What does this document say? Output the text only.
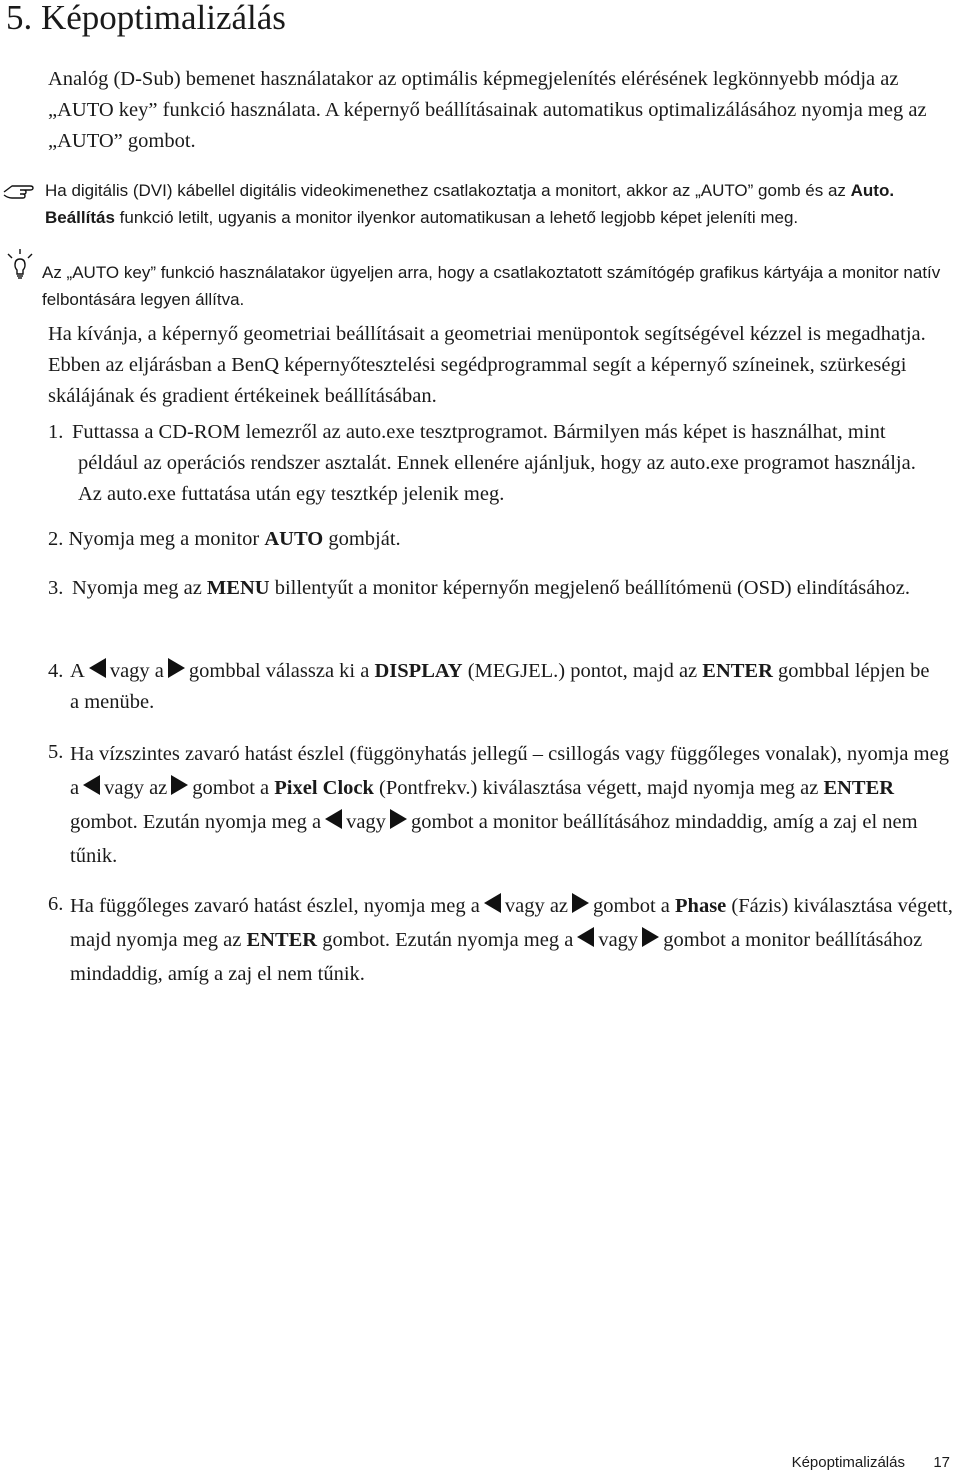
5. Képoptimalizálás
Analóg (D-Sub) bemenet használatakor az optimális képmegjelenítés elérésének legkönnyebb módja az „AUTO key” funkció használata. A képernyő beállításainak automatikus optimalizálásához nyomja meg az „AUTO” gombot.
Ha digitális (DVI) kábellel digitális videokimenethez csatlakoztatja a monitort, akkor az „AUTO” gomb és az Auto. Beállítás funkció letilt, ugyanis a monitor ilyenkor automatikusan a lehető legjobb képet jeleníti meg.
Az „AUTO key” funkció használatakor ügyeljen arra, hogy a csatlakoztatott számítógép grafikus kártyája a monitor natív felbontására legyen állítva.
Ha kívánja, a képernyő geometriai beállításait a geometriai menüpontok segítségével kézzel is megadhatja. Ebben az eljárásban a BenQ képernyőtesztelési segédprogrammal segít a képernyő színeinek, szürkeségi skálájának és gradient értékeinek beállításában.
1. Futtassa a CD-ROM lemezről az auto.exe tesztprogramot. Bármilyen más képet is használhat, mint például az operációs rendszer asztalát. Ennek ellenére ajánljuk, hogy az auto.exe programot használja. Az auto.exe futtatása után egy tesztkép jelenik meg.
2. Nyomja meg a monitor AUTO gombját.
3. Nyomja meg az MENU billentyűt a monitor képernyőn megjelenő beállítómenü (OSD) elindításához.
4. A vagy a gombbal válassza ki a DISPLAY (MEGJEL.) pontot, majd az ENTER gombbal lépjen be a menübe.
5. Ha vízszintes zavaró hatást észlel (függönyhatás jellegű – csillogás vagy függőleges vonalak), nyomja meg a vagy az gombot a Pixel Clock (Pontfrekv.) kiválasztása végett, majd nyomja meg az ENTER gombot. Ezután nyomja meg a vagy gombot a monitor beállításához mindaddig, amíg a zaj el nem tűnik.
6. Ha függőleges zavaró hatást észlel, nyomja meg a vagy az gombot a Phase (Fázis) kiválasztása végett, majd nyomja meg az ENTER gombot. Ezután nyomja meg a vagy gombot a monitor beállításához mindaddig, amíg a zaj el nem tűnik.
Képoptimalizálás 17
